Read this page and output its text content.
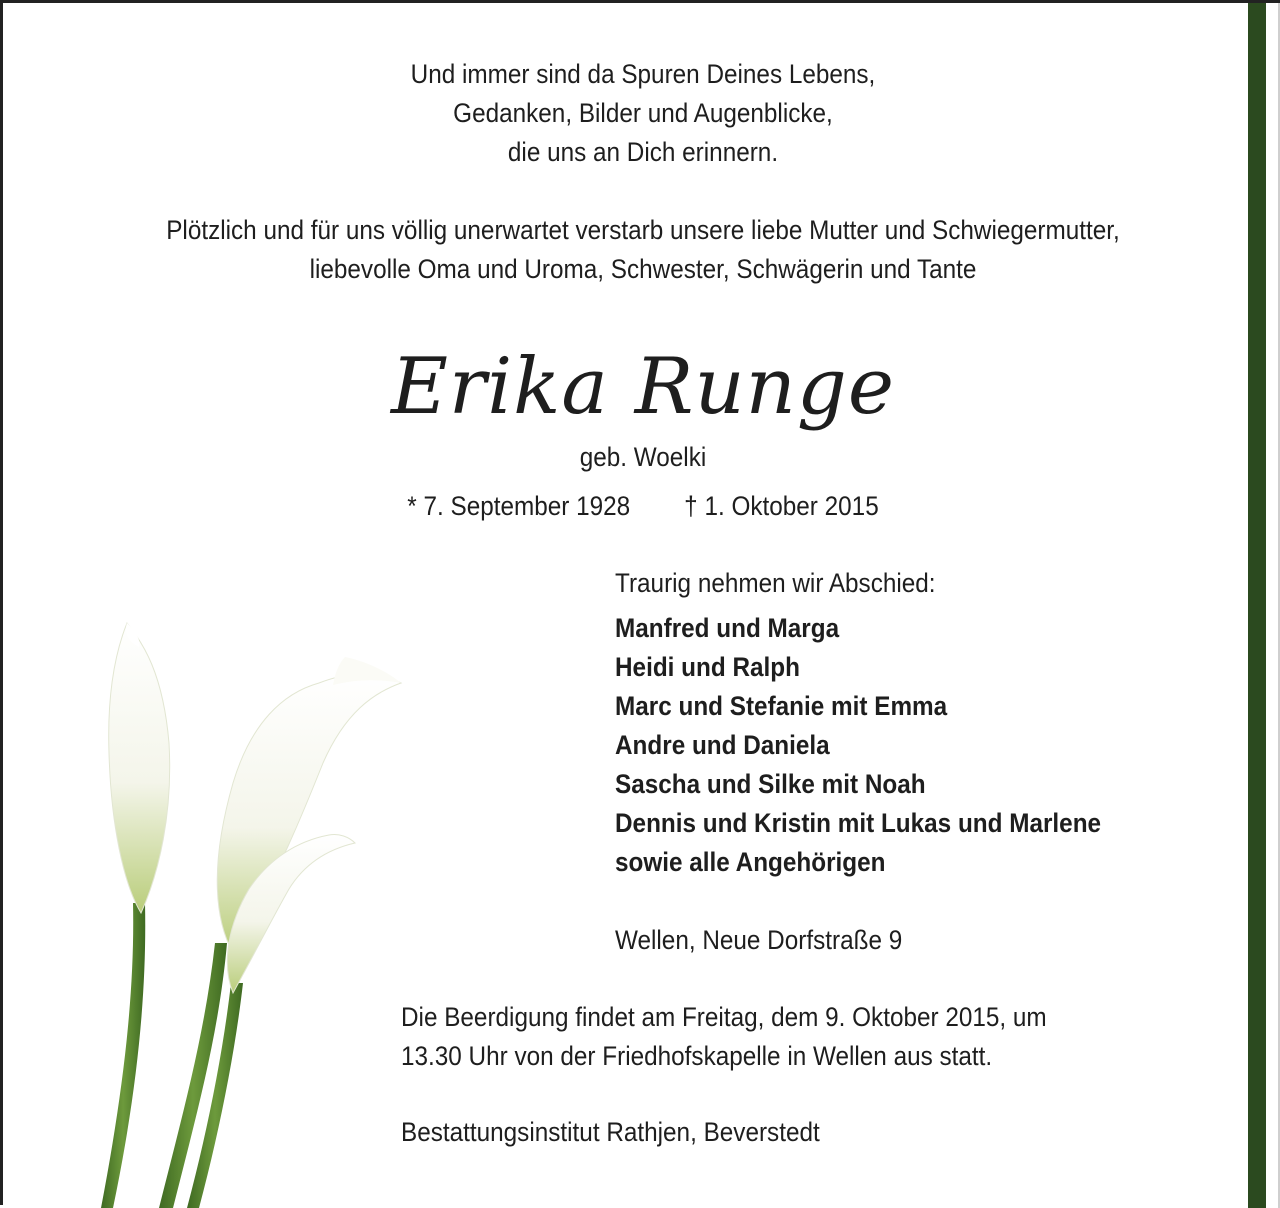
Und immer sind da Spuren Deines Lebens,
Gedanken, Bilder und Augenblicke,
die uns an Dich erinnern.
Plötzlich und für uns völlig unerwartet verstarb unsere liebe Mutter und Schwiegermutter,
liebevolle Oma und Uroma, Schwester, Schwägerin und Tante
Erika Runge
geb. Woelki
* 7. September 1928 † 1. Oktober 2015
Traurig nehmen wir Abschied:
Manfred und Marga
Heidi und Ralph
Marc und Stefanie mit Emma
Andre und Daniela
Sascha und Silke mit Noah
Dennis und Kristin mit Lukas und Marlene
sowie alle Angehörigen
Wellen, Neue Dorfstraße 9
Die Beerdigung findet am Freitag, dem 9. Oktober 2015, um
13.30 Uhr von der Friedhofskapelle in Wellen aus statt.
Bestattungsinstitut Rathjen, Beverstedt
